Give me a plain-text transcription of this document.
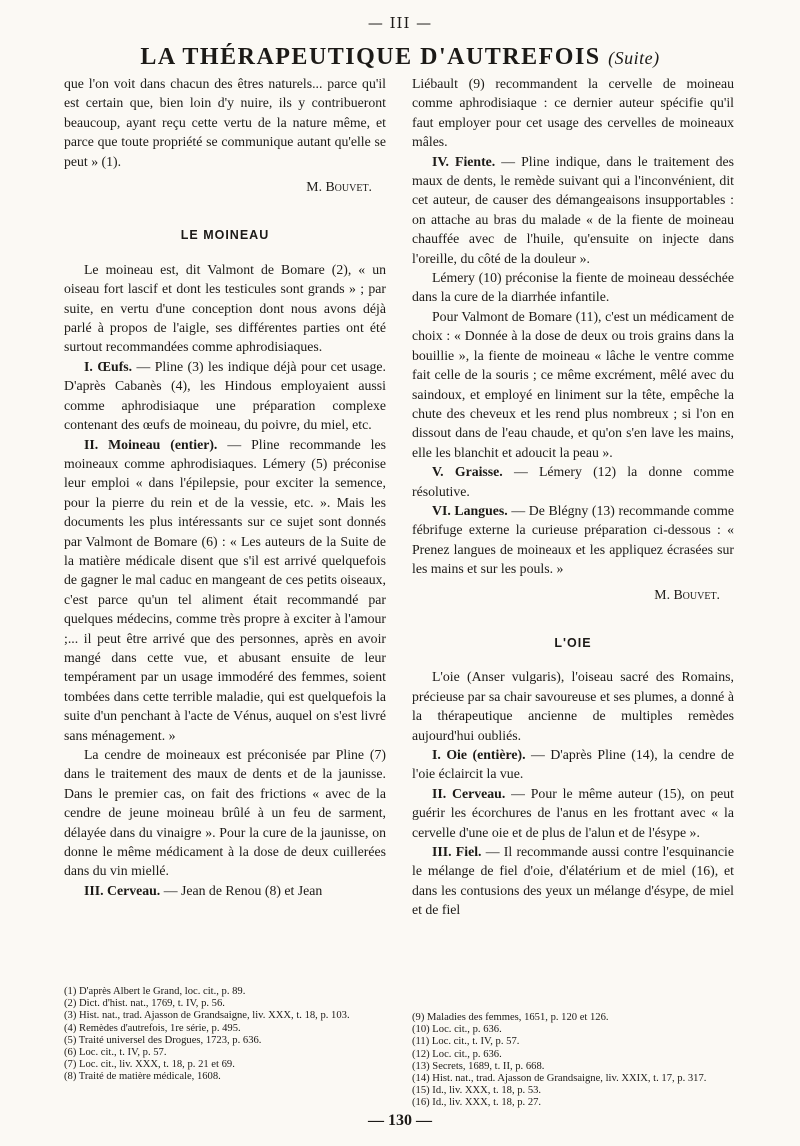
— III —
LA THÉRAPEUTIQUE D'AUTREFOIS (Suite)

que l'on voit dans chacun des êtres naturels... parce qu'il est certain que, bien loin d'y nuire, ils y contribueront beaucoup, ayant reçu cette vertu de la nature même, et parce que toute propriété se communique autant qu'elle se peut » (1).

M. Bouvet.

LE MOINEAU

Le moineau est, dit Valmont de Bomare (2), « un oiseau fort lascif et dont les testicules sont grands » ; par suite, en vertu d'une conception dont nous avons déjà parlé à propos de l'aigle, ses différentes parties ont été surtout recommandées comme aphrodisiaques.

I. Œufs. — Pline (3) les indique déjà pour cet usage. D'après Cabanès (4), les Hindous employaient aussi comme aphrodisiaque une préparation complexe contenant des œufs de moineau, du poivre, du miel, etc.

II. Moineau (entier). — Pline recommande les moineaux comme aphrodisiaques. Lémery (5) préconise leur emploi « dans l'épilepsie, pour exciter la semence, pour la pierre du rein et de la vessie, etc. ». Mais les documents les plus intéressants sur ce sujet sont donnés par Valmont de Bomare (6) : « Les auteurs de la Suite de la matière médicale disent que s'il est arrivé quelquefois de gagner le mal caduc en mangeant de ces petits oiseaux, c'est parce qu'un tel aliment était recommandé par quelques médecins, comme très propre à exciter à l'amour ;... il peut être arrivé que des personnes, après en avoir mangé dans cette vue, et abusant ensuite de leur tempérament par un usage immodéré des femmes, soient tombées dans cette terrible maladie, qui est quelquefois la suite d'un penchant à l'acte de Vénus, auquel on s'est livré sans ménagement. »

La cendre de moineaux est préconisée par Pline (7) dans le traitement des maux de dents et de la jaunisse. Dans le premier cas, on fait des frictions « avec de la cendre de jeune moineau brûlé à un feu de sarment, délayée dans du vinaigre ». Pour la cure de la jaunisse, on donne le même médicament à la dose de deux cuillerées dans du vin miellé.

III. Cerveau. — Jean de Renou (8) et Jean

Liébault (9) recommandent la cervelle de moineau comme aphrodisiaque : ce dernier auteur spécifie qu'il faut employer pour cet usage des cervelles de moineaux mâles.

IV. Fiente. — Pline indique, dans le traitement des maux de dents, le remède suivant qui a l'inconvénient, dit cet auteur, de causer des démangeaisons insupportables : on attache au bras du malade « de la fiente de moineau chauffée avec de l'huile, qu'ensuite on injecte dans l'oreille, du côté de la douleur ».

Lémery (10) préconise la fiente de moineau desséchée dans la cure de la diarrhée infantile.

Pour Valmont de Bomare (11), c'est un médicament de choix : « Donnée à la dose de deux ou trois grains dans la bouillie », la fiente de moineau « lâche le ventre comme fait celle de la souris ; ce même excrément, mêlé avec du saindoux, et employé en liniment sur la tête, empêche la chute des cheveux et les rend plus nombreux ; si l'on en dissout dans de l'eau chaude, et qu'on s'en lave les mains, elle les blanchit et adoucit la peau ».

V. Graisse. — Lémery (12) la donne comme résolutive.

VI. Langues. — De Blégny (13) recommande comme fébrifuge externe la curieuse préparation ci-dessous : « Prenez langues de moineaux et les appliquez écrasées sur les mains et sur les pouls. »

M. Bouvet.

L'OIE

L'oie (Anser vulgaris), l'oiseau sacré des Romains, précieuse par sa chair savoureuse et ses plumes, a donné à la thérapeutique ancienne de multiples remèdes aujourd'hui oubliés.

I. Oie (entière). — D'après Pline (14), la cendre de l'oie éclaircit la vue.

II. Cerveau. — Pour le même auteur (15), on peut guérir les écorchures de l'anus en les frottant avec « la cervelle d'une oie et de plus de l'alun et de l'ésype ».

III. Fiel. — Il recommande aussi contre l'esquinancie le mélange de fiel d'oie, d'élatérium et de miel (16), et dans les contusions des yeux un mélange d'ésype, de miel et de fiel

(1) D'après Albert le Grand, loc. cit., p. 89.

(2) Dict. d'hist. nat., 1769, t. IV, p. 56.

(3) Hist. nat., trad. Ajasson de Grandsaigne, liv. XXX, t. 18, p. 103.

(4) Remèdes d'autrefois, 1re série, p. 495.

(5) Traité universel des Drogues, 1723, p. 636.

(6) Loc. cit., t. IV, p. 57.

(7) Loc. cit., liv. XXX, t. 18, p. 21 et 69.

(8) Traité de matière médicale, 1608.

(9) Maladies des femmes, 1651, p. 120 et 126.

(10) Loc. cit., p. 636.

(11) Loc. cit., t. IV, p. 57.

(12) Loc. cit., p. 636.

(13) Secrets, 1689, t. II, p. 668.

(14) Hist. nat., trad. Ajasson de Grandsaigne, liv. XXIX, t. 17, p. 317.

(15) Id., liv. XXX, t. 18, p. 53.

(16) Id., liv. XXX, t. 18, p. 27.

— 130 —
